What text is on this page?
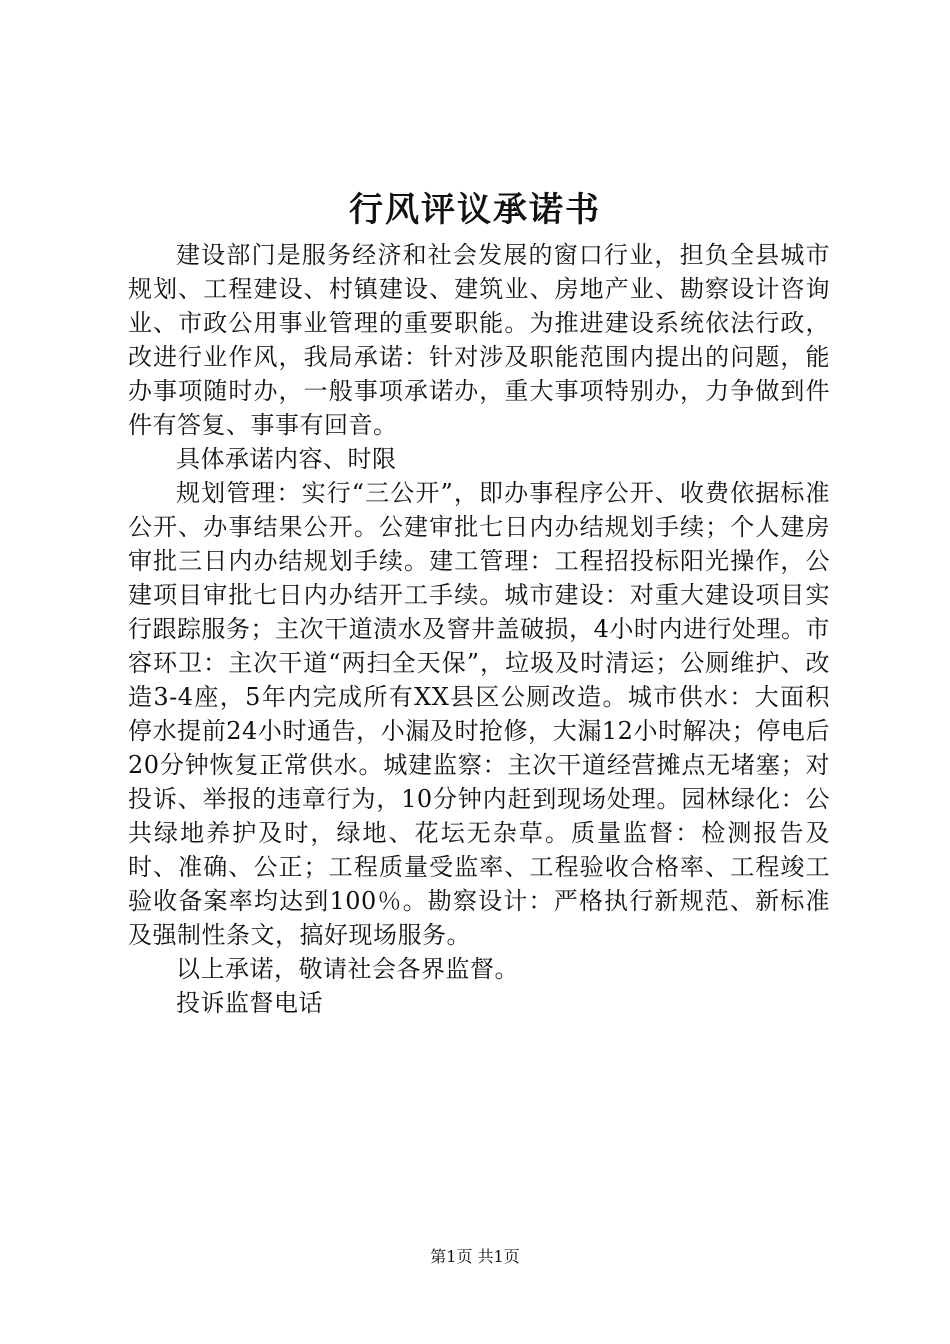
行风评议承诺书

建设部门是服务经济和社会发展的窗口行业，担负全县城市规划、工程建设、村镇建设、建筑业、房地产业、勘察设计咨询业、市政公用事业管理的重要职能。为推进建设系统依法行政，改进行业作风，我局承诺：针对涉及职能范围内提出的问题，能办事项随时办，一般事项承诺办，重大事项特别办，力争做到件件有答复、事事有回音。

具体承诺内容、时限

规划管理：实行“三公开”，即办事程序公开、收费依据标准公开、办事结果公开。公建审批七日内办结规划手续；个人建房审批三日内办结规划手续。建工管理：工程招投标阳光操作，公建项目审批七日内办结开工手续。城市建设：对重大建设项目实行跟踪服务；主次干道渍水及窨井盖破损，4小时内进行处理。市容环卫：主次干道“两扫全天保”，垃圾及时清运；公厕维护、改造3-4座，5年内完成所有XX县区公厕改造。城市供水：大面积停水提前24小时通告，小漏及时抢修，大漏12小时解决；停电后20分钟恢复正常供水。城建监察：主次干道经营摊点无堵塞；对投诉、举报的违章行为，10分钟内赶到现场处理。园林绿化：公共绿地养护及时，绿地、花坛无杂草。质量监督：检测报告及时、准确、公正；工程质量受监率、工程验收合格率、工程竣工验收备案率均达到100％。勘察设计：严格执行新规范、新标准及强制性条文，搞好现场服务。

以上承诺，敬请社会各界监督。

投诉监督电话

第1页 共1页
